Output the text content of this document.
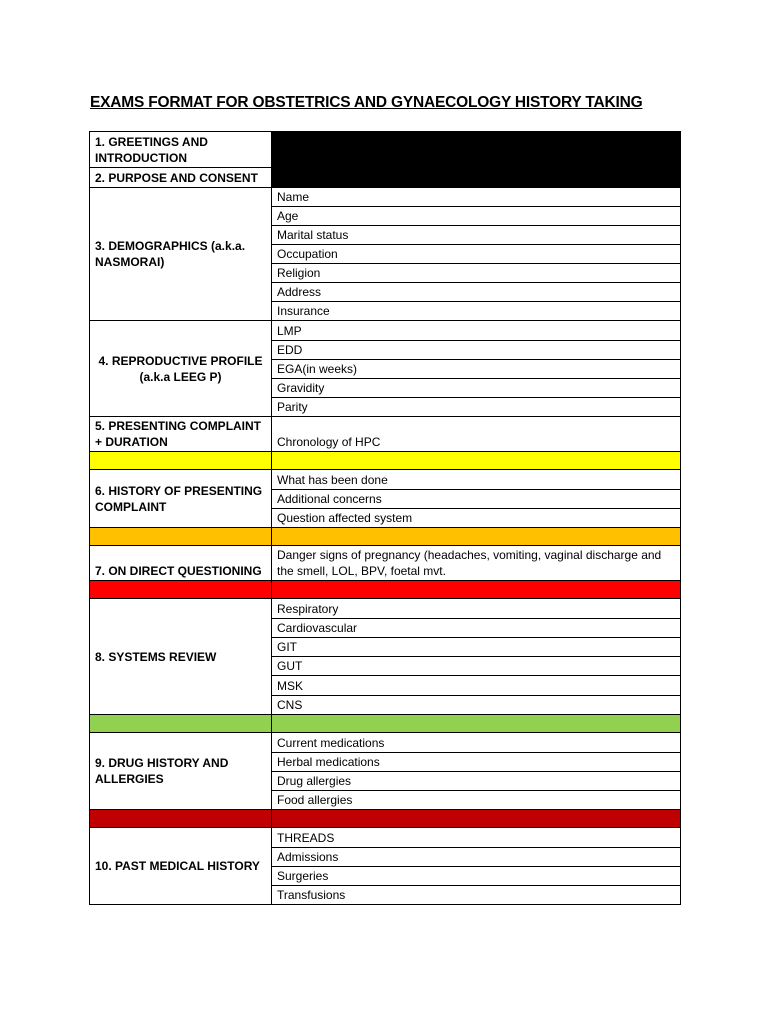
EXAMS FORMAT FOR OBSTETRICS AND GYNAECOLOGY HISTORY TAKING
1. GREETINGS AND INTRODUCTION	
2. PURPOSE AND CONSENT	
3. DEMOGRAPHICS (a.k.a. NASMORAI)	Name
	Age
	Marital status
	Occupation
	Religion
	Address
	Insurance
4. REPRODUCTIVE PROFILE (a.k.a LEEG P)	LMP
	EDD
	EGA(in weeks)
	Gravidity
	Parity
5. PRESENTING COMPLAINT + DURATION	Chronology of HPC

6. HISTORY OF PRESENTING COMPLAINT	What has been done
	Additional concerns
	Question affected system

7. ON DIRECT QUESTIONING	Danger signs of pregnancy (headaches, vomiting, vaginal discharge and the smell, LOL, BPV, foetal mvt.

8. SYSTEMS REVIEW	Respiratory
	Cardiovascular
	GIT
	GUT
	MSK
	CNS

9. DRUG HISTORY AND ALLERGIES	Current medications
	Herbal medications
	Drug allergies
	Food allergies

10. PAST MEDICAL HISTORY	THREADS
	Admissions
	Surgeries
	Transfusions
